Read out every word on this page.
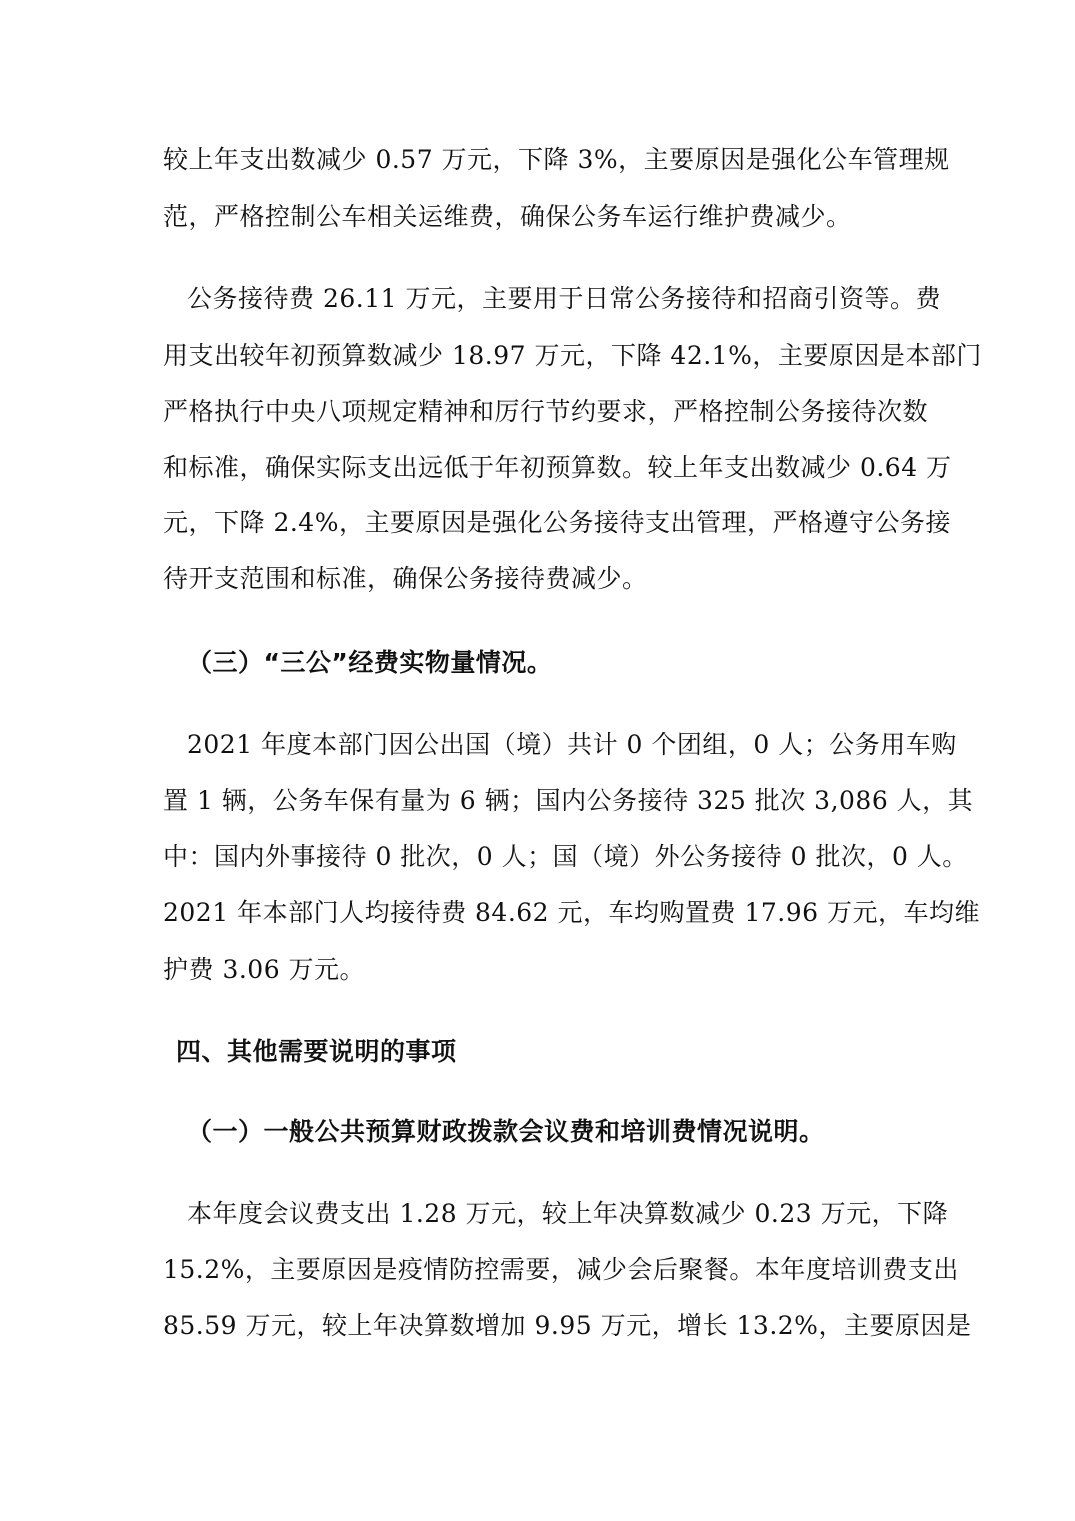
较上年支出数减少 0.57 万元，下降 3%，主要原因是强化公车管理规
范，严格控制公车相关运维费，确保公务车运行维护费减少。
公务接待费 26.11 万元，主要用于日常公务接待和招商引资等。费
用支出较年初预算数减少 18.97 万元，下降 42.1%，主要原因是本部门
严格执行中央八项规定精神和厉行节约要求，严格控制公务接待次数
和标准，确保实际支出远低于年初预算数。较上年支出数减少 0.64 万
元，下降 2.4%，主要原因是强化公务接待支出管理，严格遵守公务接
待开支范围和标准，确保公务接待费减少。
（三）“三公”经费实物量情况。
2021 年度本部门因公出国（境）共计 0 个团组，0 人；公务用车购
置 1 辆，公务车保有量为 6 辆；国内公务接待 325 批次 3,086 人，其
中：国内外事接待 0 批次，0 人；国（境）外公务接待 0 批次，0 人。
2021 年本部门人均接待费 84.62 元，车均购置费 17.96 万元，车均维
护费 3.06 万元。
四、其他需要说明的事项
（一）一般公共预算财政拨款会议费和培训费情况说明。
本年度会议费支出 1.28 万元，较上年决算数减少 0.23 万元，下降
15.2%，主要原因是疫情防控需要，减少会后聚餐。本年度培训费支出
85.59 万元，较上年决算数增加 9.95 万元，增长 13.2%，主要原因是
